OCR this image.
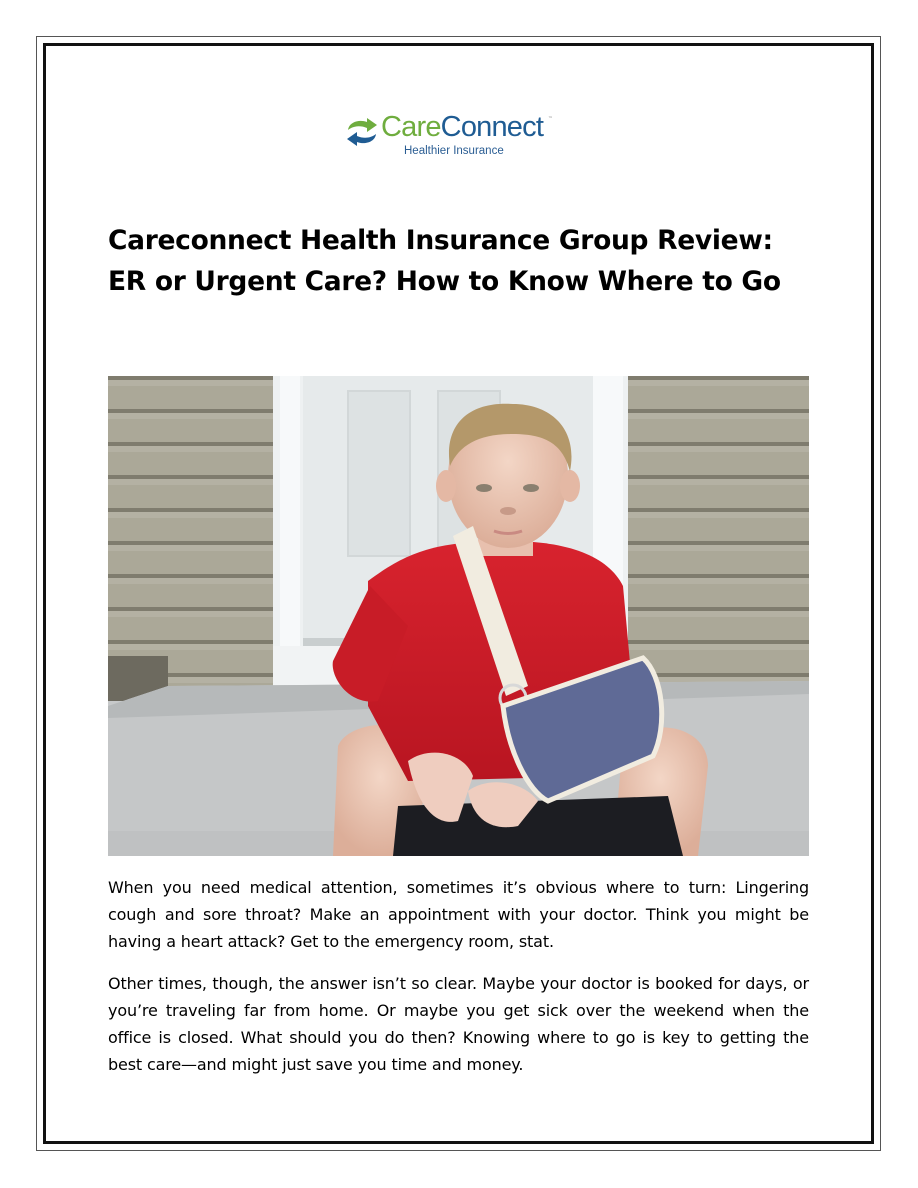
CareConnect ™
Healthier Insurance
Careconnect Health Insurance Group Review:
ER or Urgent Care? How to Know Where to Go

When you need medical attention, sometimes it’s obvious where to turn: Lingering cough and sore throat? Make an appointment with your doctor. Think you might be having a heart attack? Get to the emergency room, stat.

Other times, though, the answer isn’t so clear. Maybe your doctor is booked for days, or you’re traveling far from home. Or maybe you get sick over the weekend when the office is closed. What should you do then? Knowing where to go is key to getting the best care—and might just save you time and money.
